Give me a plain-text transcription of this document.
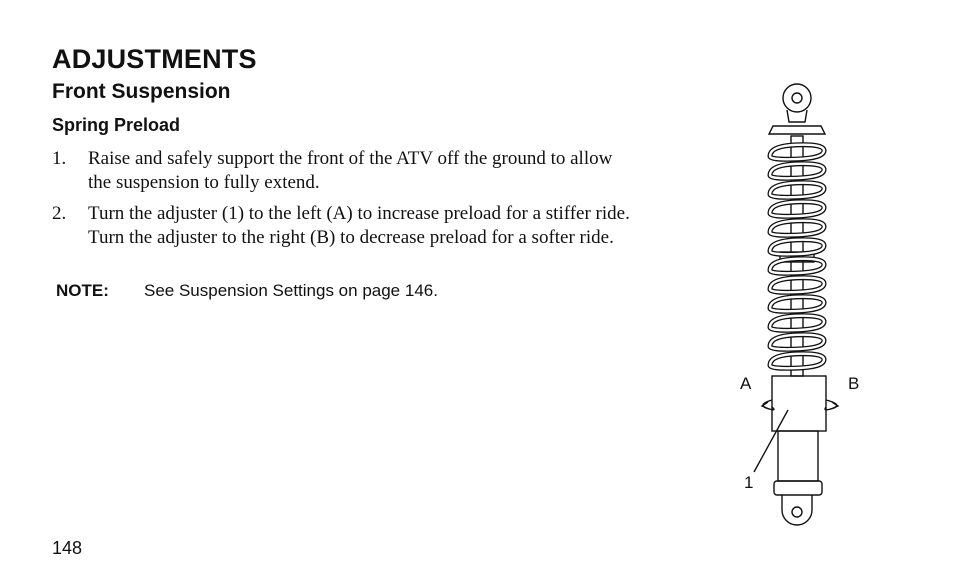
ADJUSTMENTS
Front Suspension
Spring Preload
1. Raise and safely support the front of the ATV off the ground to allow the suspension to fully extend.
2. Turn the adjuster (1) to the left (A) to increase preload for a stiffer ride. Turn the adjuster to the right (B) to decrease preload for a softer ride.
NOTE: See Suspension Settings on page 146.
A	B
1
148
